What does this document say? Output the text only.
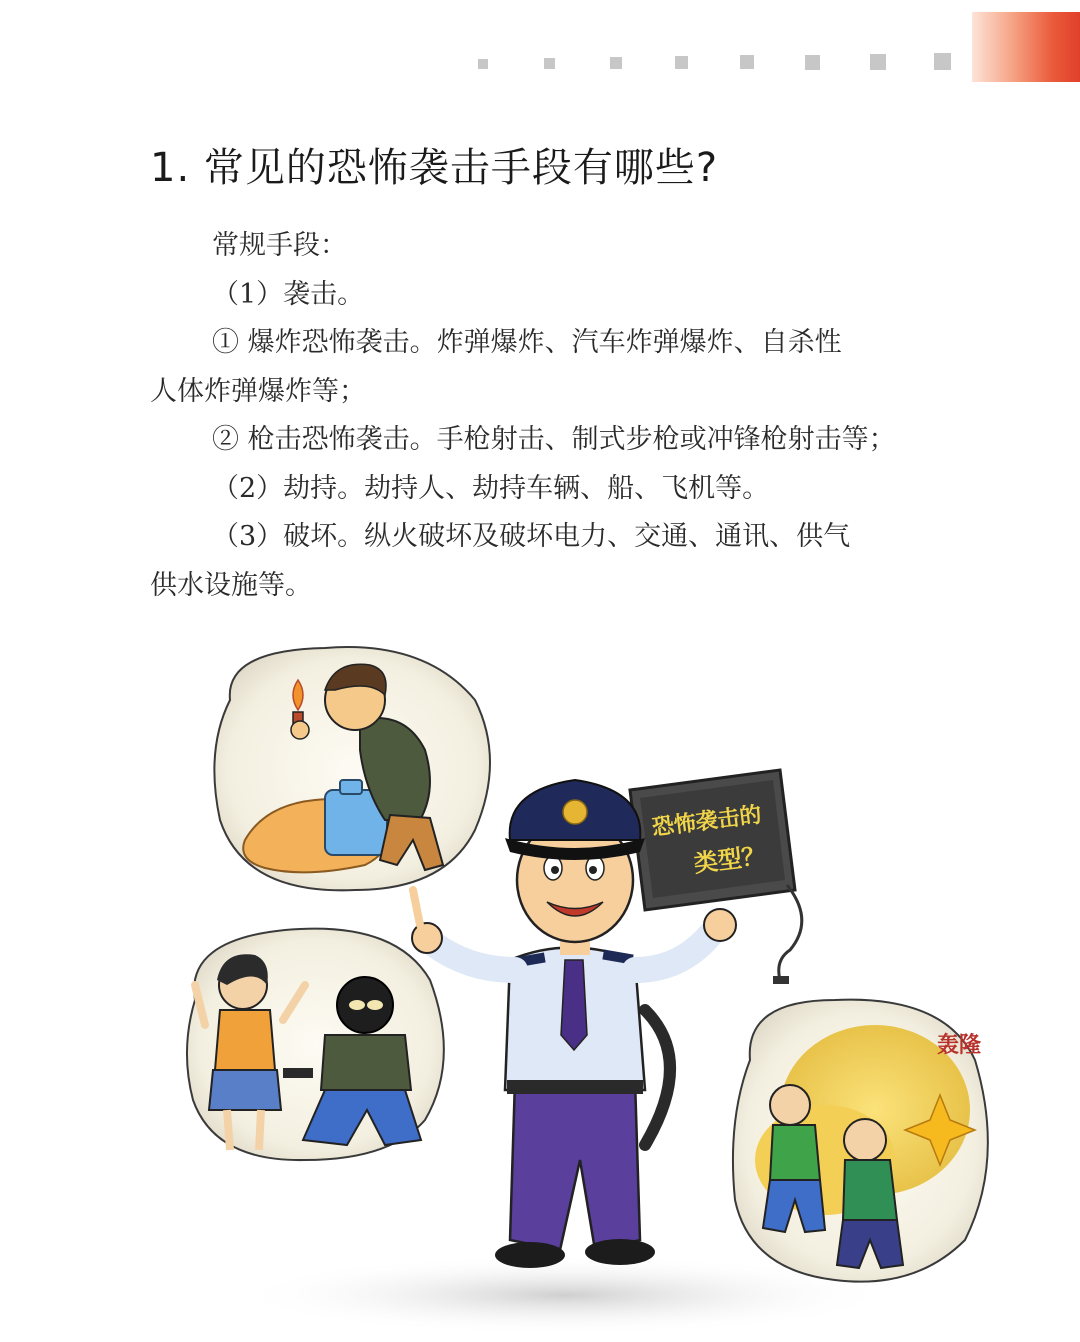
1. 常见的恐怖袭击手段有哪些?

常规手段：

（1）袭击。

① 爆炸恐怖袭击。炸弹爆炸、汽车炸弹爆炸、自杀性

人体炸弹爆炸等；

② 枪击恐怖袭击。手枪射击、制式步枪或冲锋枪射击等；

（2）劫持。劫持人、劫持车辆、船、飞机等。

（3）破坏。纵火破坏及破坏电力、交通、通讯、供气

供水设施等。

轰隆
恐怖袭击的
类型？
